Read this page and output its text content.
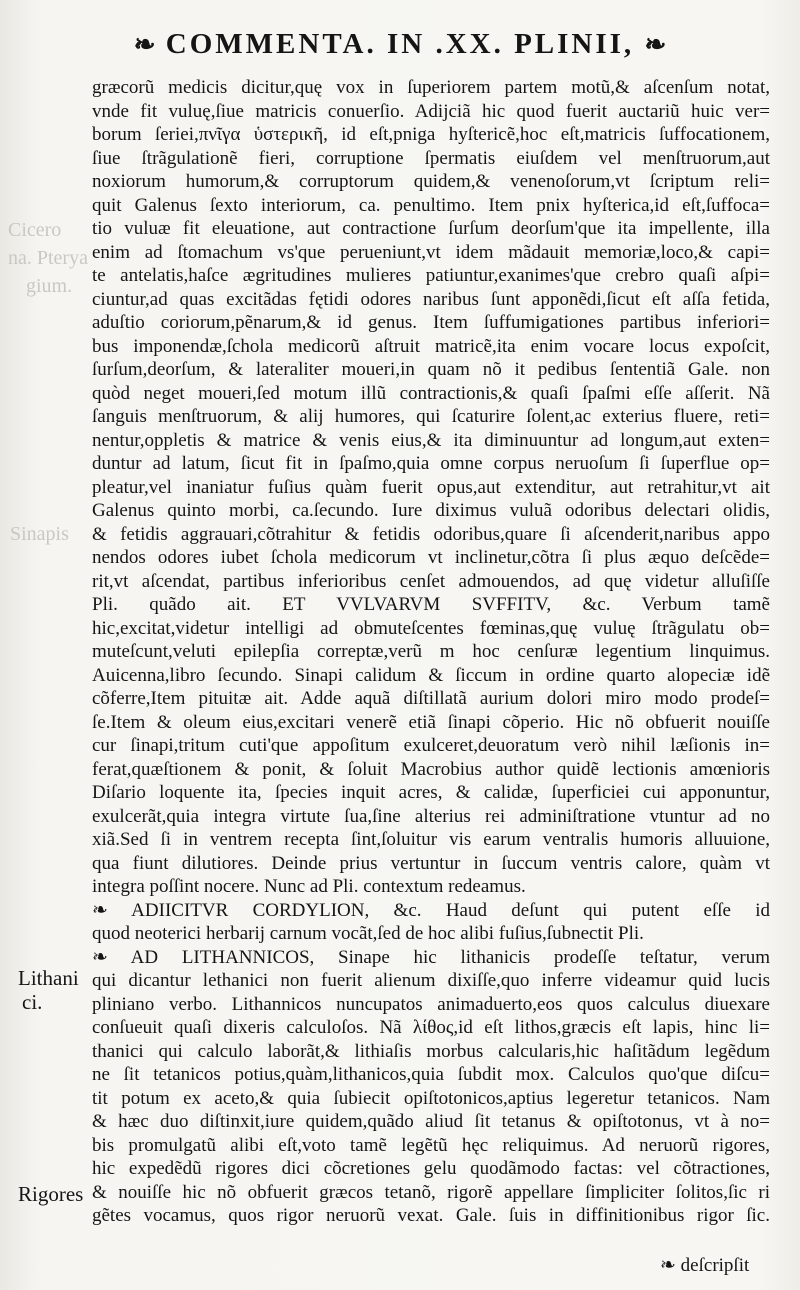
❧ COMMENTA. IN .XX. PLINII, ❧
Cicero
na. Pterya
gium.
Sinapis
Lithani
ci.
Rigores
græcorũ medicis dicitur,quę vox in ſuperiorem partem motũ,& aſcenſum notat,
vnde fit vuluę,ſiue matricis conuerſio. Adijciã hic quod fuerit auctariũ huic ver=
borum ſeriei,πνῖγα ὑστερικῆ, id eſt,pniga hyſtericẽ,hoc eſt,matricis ſuffocationem,
ſiue ſtrãgulationẽ fieri, corruptione ſpermatis eiuſdem vel menſtruorum,aut
noxiorum humorum,& corruptorum quidem,& venenoſorum,vt ſcriptum reli=
quit Galenus ſexto interiorum, ca. penultimo. Item pnix hyſterica,id eſt,ſuffoca=
tio vuluæ fit eleuatione, aut contractione ſurſum deorſum'que ita impellente, illa
enim ad ſtomachum vs'que perueniunt,vt idem mãdauit memoriæ,loco,& capi=
te antelatis,haſce ægritudines mulieres patiuntur,exanimes'que crebro quaſi aſpi=
ciuntur,ad quas excitãdas fętidi odores naribus ſunt apponẽdi,ſicut eſt aſſa fetida,
aduſtio coriorum,pẽnarum,& id genus. Item ſuffumigationes partibus inferiori=
bus imponendæ,ſchola medicorũ aſtruit matricẽ,ita enim vocare locus expoſcit,
ſurſum,deorſum, & lateraliter moueri,in quam nõ it pedibus ſententiã Gale. non
quòd neget moueri,ſed motum illũ contractionis,& quaſi ſpaſmi eſſe aſſerit. Nã
ſanguis menſtruorum, & alij humores, qui ſcaturire ſolent,ac exterius fluere, reti=
nentur,oppletis & matrice & venis eius,& ita diminuuntur ad longum,aut exten=
duntur ad latum, ſicut fit in ſpaſmo,quia omne corpus neruoſum ſi ſuperflue op=
pleatur,vel inaniatur fuſius quàm fuerit opus,aut extenditur, aut retrahitur,vt ait
Galenus quinto morbi, ca.ſecundo. Iure diximus vuluã odoribus delectari olidis,
& fetidis aggrauari,cõtrahitur & fetidis odoribus,quare ſi aſcenderit,naribus appo
nendos odores iubet ſchola medicorum vt inclinetur,cõtra ſi plus æquo deſcẽde=
rit,vt aſcendat, partibus inferioribus cenſet admouendos, ad quę videtur alluſiſſe
Pli. quãdo ait. ET VVLVARVM SVFFITV, &c. Verbum tamẽ
hic,excitat,videtur intelligi ad obmuteſcentes fœminas,quę vuluę ſtrãgulatu ob=
muteſcunt,veluti epilepſia correptæ,verũ m hoc cenſuræ legentium linquimus.
Auicenna,libro ſecundo. Sinapi calidum & ſiccum in ordine quarto alopeciæ idẽ
cõferre,Item pituitæ ait. Adde aquã diſtillatã aurium dolori miro modo prodeſ=
ſe.Item & oleum eius,excitari venerẽ etiã ſinapi cõperio. Hic nõ obfuerit nouiſſe
cur ſinapi,tritum cuti'que appoſitum exulceret,deuoratum verò nihil læſionis in=
ferat,quæſtionem & ponit, & ſoluit Macrobius author quidẽ lectionis amœnioris
Diſario loquente ita, ſpecies inquit acres, & calidæ, ſuperficiei cui apponuntur,
exulcerãt,quia integra virtute ſua,ſine alterius rei adminiſtratione vtuntur ad no
xiã.Sed ſi in ventrem recepta ſint,ſoluitur vis earum ventralis humoris alluuione,
qua fiunt dilutiores. Deinde prius vertuntur in ſuccum ventris calore, quàm vt
integra poſſint nocere. Nunc ad Pli. contextum redeamus.
❧ ADIICITVR CORDYLION, &c. Haud deſunt qui putent eſſe id
quod neoterici herbarij carnum vocãt,ſed de hoc alibi fuſius,ſubnectit Pli.
❧ AD LITHANNICOS, Sinape hic lithanicis prodeſſe teſtatur, verum
qui dicantur lethanici non fuerit alienum dixiſſe,quo inferre videamur quid lucis
pliniano verbo. Lithannicos nuncupatos animaduerto,eos quos calculus diuexare
conſueuit quaſi dixeris calculoſos. Nã λίθος,id eſt lithos,græcis eſt lapis, hinc li=
thanici qui calculo laborãt,& lithiaſis morbus calcularis,hic haſitãdum legẽdum
ne ſit tetanicos potius,quàm,lithanicos,quia ſubdit mox. Calculos quo'que diſcu=
tit potum ex aceto,& quia ſubiecit opiſtotonicos,aptius legeretur tetanicos. Nam
& hæc duo diſtinxit,iure quidem,quãdo aliud ſit tetanus & opiſtotonus, vt à no=
bis promulgatũ alibi eſt,voto tamẽ legẽtũ hęc reliquimus. Ad neruorũ rigores,
hic expedẽdũ rigores dici cõcretiones gelu quodãmodo factas: vel cõtractiones,
& nouiſſe hic nõ obfuerit græcos tetanõ, rigorẽ appellare ſimpliciter ſolitos,ſic ri
gẽtes vocamus, quos rigor neruorũ vexat. Gale. ſuis in diffinitionibus rigor ſic.
❧ deſcripſit
